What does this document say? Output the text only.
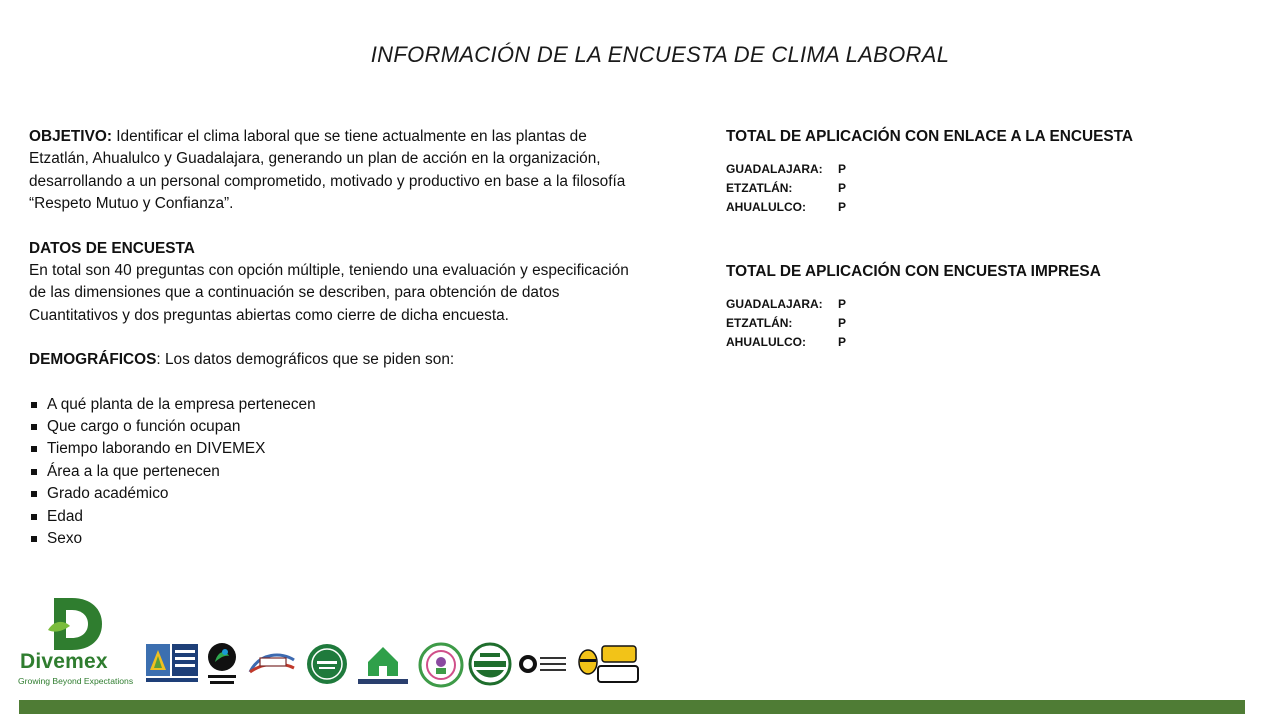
INFORMACIÓN DE LA ENCUESTA DE CLIMA LABORAL

OBJETIVO: Identificar el clima laboral que se tiene actualmente en las plantas de Etzatlán, Ahualulco y Guadalajara, generando un plan de acción en la organización, desarrollando a un personal comprometido, motivado y productivo en base a la filosofía “Respeto Mutuo y Confianza”.

DATOS DE ENCUESTA

En total son 40 preguntas con opción múltiple, teniendo una evaluación y especificación de las dimensiones que a continuación se describen, para obtención de datos Cuantitativos y dos preguntas abiertas como cierre de dicha encuesta.

DEMOGRÁFICOS: Los datos demográficos que se piden son:

A qué planta de la empresa pertenecen
Que cargo o función ocupan
Tiempo laborando en DIVEMEX
Área a la que pertenecen
Grado académico
Edad
Sexo
TOTAL DE APLICACIÓN CON ENLACE A LA ENCUESTA
GUADALAJARA:	P
ETZATLÁN:	P
AHUALULCO:	P
TOTAL DE APLICACIÓN CON ENCUESTA IMPRESA
GUADALAJARA:	P
ETZATLÁN:	P
AHUALULCO:	P
Divemex
Growing Beyond Expectations
